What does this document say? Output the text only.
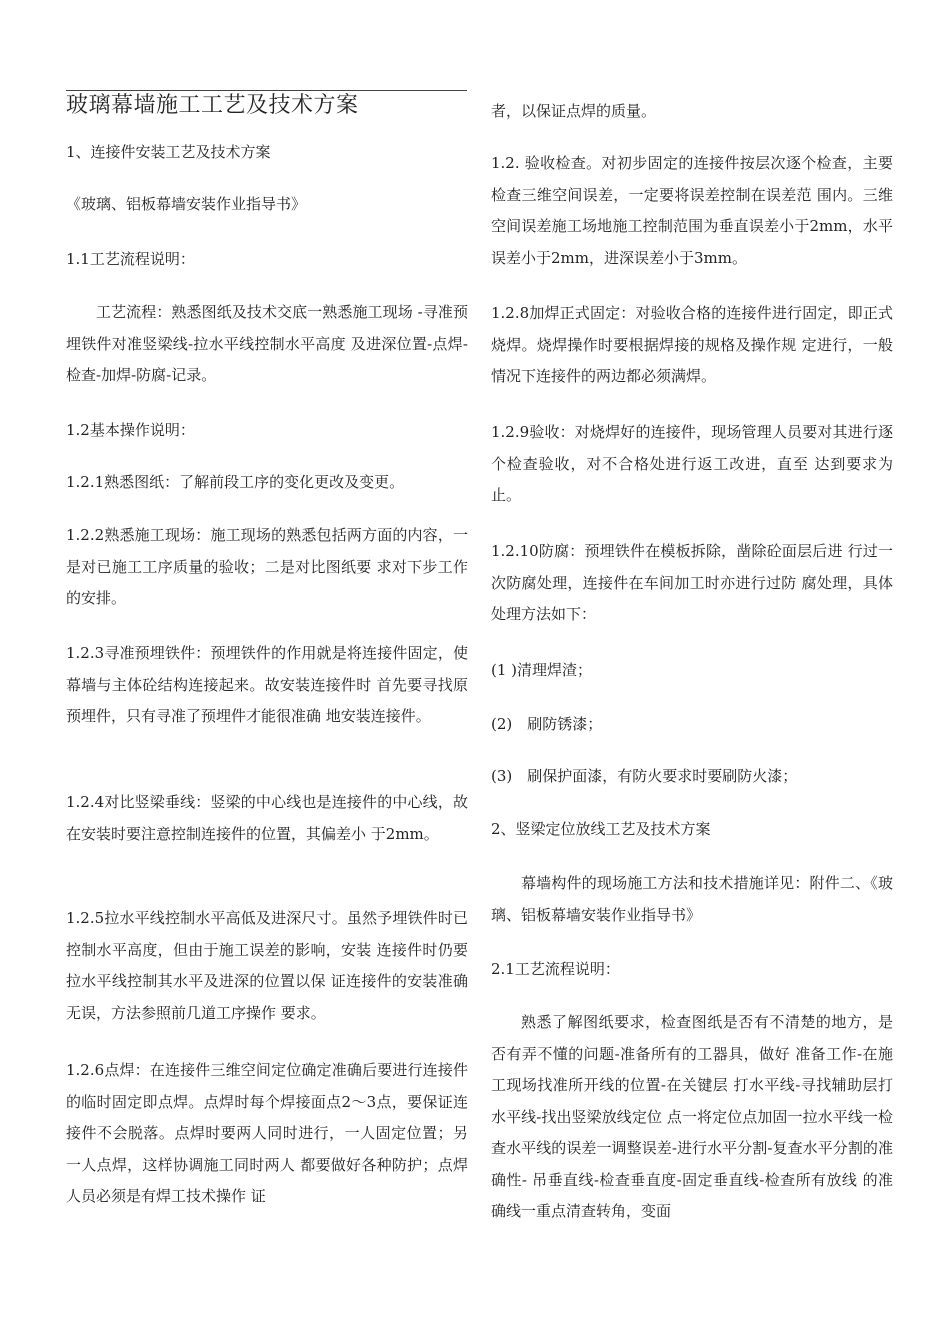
玻璃幕墙施工工艺及技术方案

1、连接件安装工艺及技术方案

《玻璃、铝板幕墙安装作业指导书》

1.1工艺流程说明：

工艺流程：熟悉图纸及技术交底一熟悉施工现场 -寻准预埋铁件对准竖梁线-拉水平线控制水平高度 及进深位置-点焊-检查-加焊-防腐-记录。

1.2基本操作说明：

1.2.1熟悉图纸：了解前段工序的变化更改及变更。

1.2.2熟悉施工现场：施工现场的熟悉包括两方面的内容，一是对已施工工序质量的验收；二是对比图纸要 求对下步工作的安排。

1.2.3寻准预埋铁件：预埋铁件的作用就是将连接件固定，使幕墙与主体砼结构连接起来。故安装连接件时 首先要寻找原预埋件，只有寻准了预埋件才能很准确 地安装连接件。

1.2.4对比竖梁垂线：竖梁的中心线也是连接件的中心线，故在安装时要注意控制连接件的位置，其偏差小 于2mm。

1.2.5拉水平线控制水平高低及进深尺寸。虽然予埋铁件时已控制水平高度，但由于施工误差的影响，安装 连接件时仍要拉水平线控制其水平及进深的位置以保 证连接件的安装准确无误，方法参照前几道工序操作 要求。

1.2.6点焊：在连接件三维空间定位确定准确后要进行连接件的临时固定即点焊。点焊时每个焊接面点2〜3点，要保证连接件不会脱落。点焊时要两人同时进行，一人固定位置；另一人点焊，这样协调施工同时两人 都要做好各种防护；点焊人员必须是有焊工技术操作 证

者，以保证点焊的质量。

1.2. 验收检查。对初步固定的连接件按层次逐个检查，主要检查三维空间误差，一定要将误差控制在误差范 围内。三维空间误差施工场地施工控制范围为垂直误差小于2mm，水平误差小于2mm，进深误差小于3mm。

1.2.8加焊正式固定：对验收合格的连接件进行固定，即正式烧焊。烧焊操作时要根据焊接的规格及操作规 定进行，一般情况下连接件的两边都必须满焊。

1.2.9验收：对烧焊好的连接件，现场管理人员要对其进行逐个检查验收，对不合格处进行返工改进，直至 达到要求为止。

1.2.10防腐：预埋铁件在模板拆除，凿除砼面层后进 行过一次防腐处理，连接件在车间加工时亦进行过防 腐处理，具体处理方法如下：

(1 )清理焊渣；

(2)　刷防锈漆；

(3)　刷保护面漆，有防火要求时要刷防火漆；

2、竖梁定位放线工艺及技术方案

幕墙构件的现场施工方法和技术措施详见：附件二、《玻璃、铝板幕墙安装作业指导书》

2.1工艺流程说明：

熟悉了解图纸要求，检查图纸是否有不清楚的地方，是否有弄不懂的问题-准备所有的工器具，做好 准备工作-在施工现场找准所开线的位置-在关键层 打水平线-寻找辅助层打水平线-找出竖梁放线定位 点一将定位点加固一拉水平线一检查水平线的误差一调整误差-进行水平分割-复查水平分割的准确性- 吊垂直线-检查垂直度-固定垂直线-检查所有放线 的准确线一重点清查转角，变面
